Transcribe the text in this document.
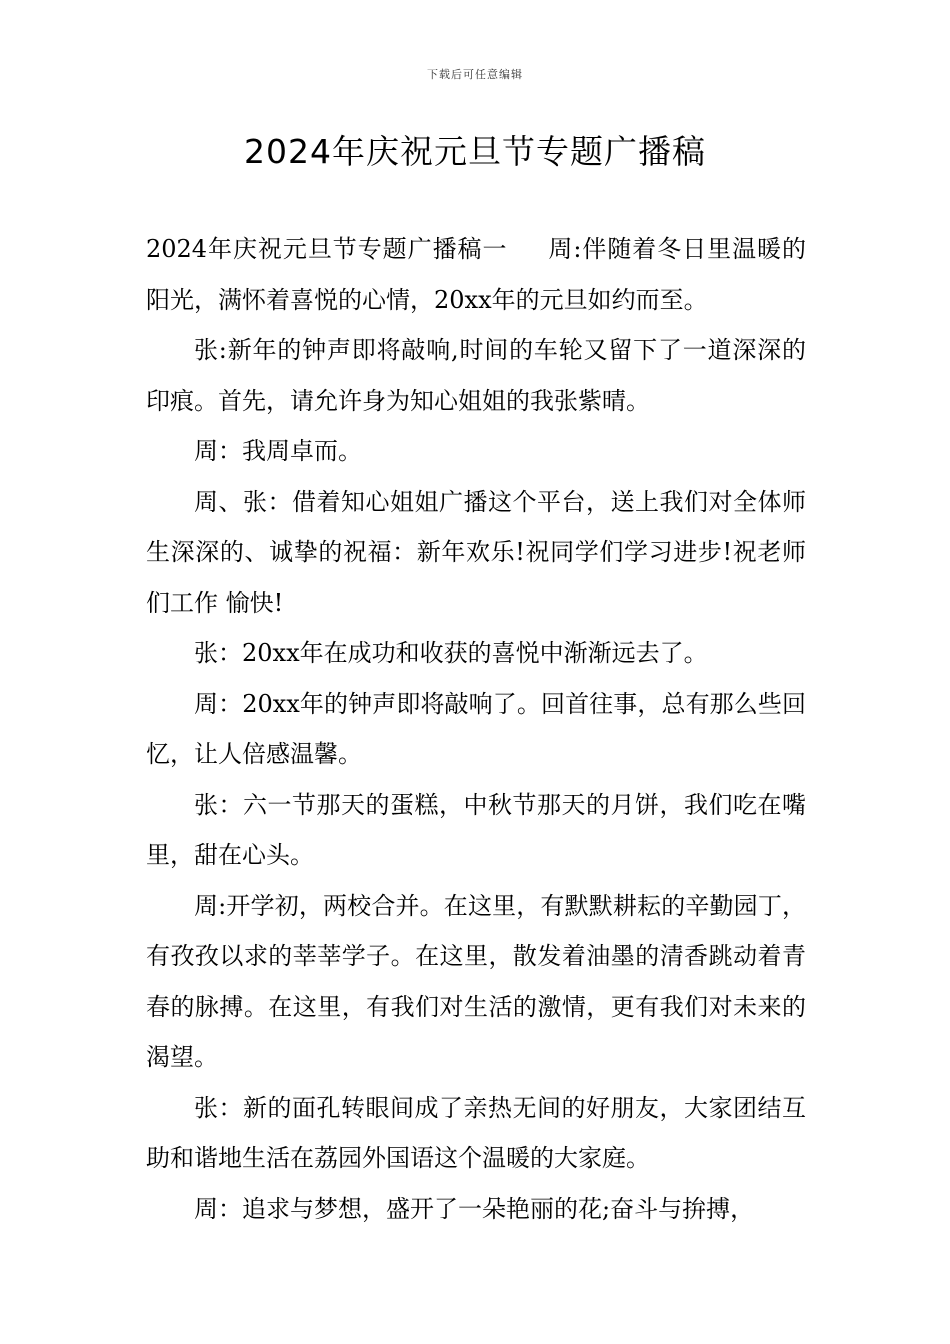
下载后可任意编辑
2024年庆祝元旦节专题广播稿

2024年庆祝元旦节专题广播稿一 周:伴随着冬日里温暖的阳光，满怀着喜悦的心情，20xx年的元旦如约而至。

张:新年的钟声即将敲响,时间的车轮又留下了一道深深的印痕。首先，请允许身为知心姐姐的我张紫晴。

周：我周卓而。

周、张：借着知心姐姐广播这个平台，送上我们对全体师生深深的、诚挚的祝福：新年欢乐!祝同学们学习进步!祝老师们工作 愉快!

张：20xx年在成功和收获的喜悦中渐渐远去了。

周：20xx年的钟声即将敲响了。回首往事，总有那么些回忆，让人倍感温馨。

张：六一节那天的蛋糕，中秋节那天的月饼，我们吃在嘴里，甜在心头。

周:开学初，两校合并。在这里，有默默耕耘的辛勤园丁，有孜孜以求的莘莘学子。在这里，散发着油墨的清香跳动着青春的脉搏。在这里，有我们对生活的激情，更有我们对未来的渴望。

张：新的面孔转眼间成了亲热无间的好朋友，大家团结互助和谐地生活在荔园外国语这个温暖的大家庭。

周：追求与梦想，盛开了一朵艳丽的花;奋斗与拚搏，
